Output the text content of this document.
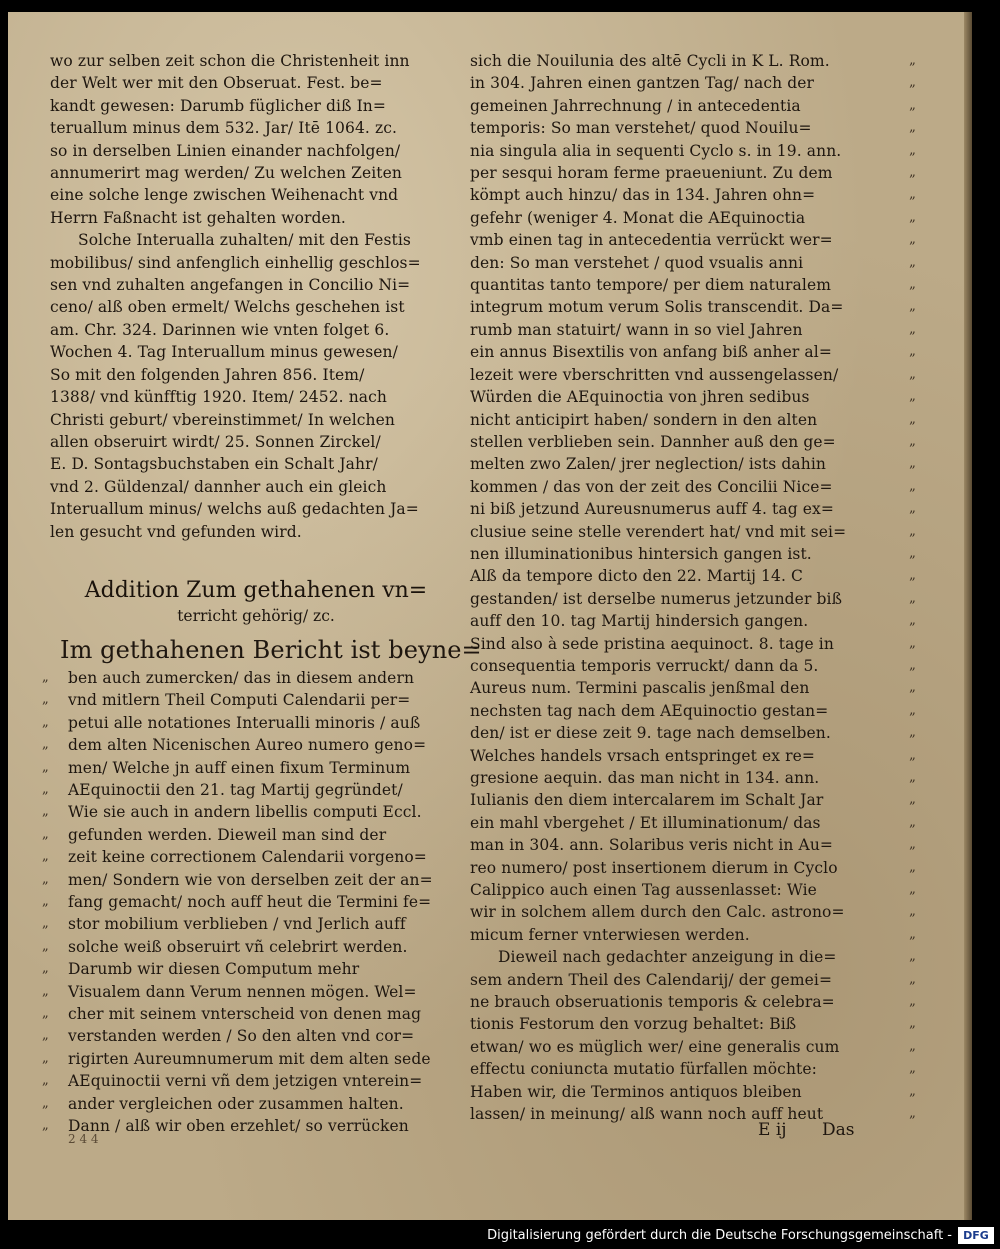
wo zur selben zeit schon die Christenheit inn
der Welt wer mit den Obseruat. Fest. be=
kandt gewesen: Darumb füglicher diß In=
teruallum minus dem 532. Jar/ Itē 1064. zc.
so in derselben Linien einander nachfolgen/
annumerirt mag werden/ Zu welchen Zeiten
eine solche lenge zwischen Weihenacht vnd
Herrn Faßnacht ist gehalten worden.
Solche Interualla zuhalten/ mit den Festis
mobilibus/ sind anfenglich einhellig geschlos=
sen vnd zuhalten angefangen in Concilio Ni=
ceno/ alß oben ermelt/ Welchs geschehen ist
am. Chr. 324. Darinnen wie vnten folget 6.
Wochen 4. Tag Interuallum minus gewesen/
So mit den folgenden Jahren 856. Item/
1388/ vnd künfftig 1920. Item/ 2452. nach
Christi geburt/ vbereinstimmet/ In welchen
allen obseruirt wirdt/ 25. Sonnen Zirckel/
E. D. Sontagsbuchstaben ein Schalt Jahr/
vnd 2. Güldenzal/ dannher auch ein gleich
Interuallum minus/ welchs auß gedachten Ja=
len gesucht vnd gefunden wird.
Addition Zum gethahenen vn=
terricht gehörig/ zc.
Im gethahenen Bericht ist beyne=
„ ben auch zumercken/ das in diesem andern
„ vnd mitlern Theil Computi Calendarii per=
„ petui alle notationes Interualli minoris / auß
„ dem alten Nicenischen Aureo numero geno=
„ men/ Welche jn auff einen fixum Terminum
„ AEquinoctii den 21. tag Martij gegründet/
„ Wie sie auch in andern libellis computi Eccl.
„ gefunden werden. Dieweil man sind der
„ zeit keine correctionem Calendarii vorgeno=
„ men/ Sondern wie von derselben zeit der an=
„ fang gemacht/ noch auff heut die Termini fe=
„ stor mobilium verblieben / vnd Jerlich auff
„ solche weiß obseruirt vñ celebrirt werden.
„ Darumb wir diesen Computum mehr
„ Visualem dann Verum nennen mögen. Wel=
„ cher mit seinem vnterscheid von denen mag
„ verstanden werden / So den alten vnd cor=
„ rigirten Aureumnumerum mit dem alten sede
„ AEquinoctii verni vñ dem jetzigen vnterein=
„ ander vergleichen oder zusammen halten.
„ Dann / alß wir oben erzehlet/ so verrücken
sich die Nouilunia des altē Cycli in K L. Rom.	„
in 304. Jahren einen gantzen Tag/ nach der	„
gemeinen Jahrrechnung / in antecedentia	„
temporis: So man verstehet/ quod Nouilu=	„
nia singula alia in sequenti Cyclo s. in 19. ann.	„
per sesqui horam ferme praeueniunt. Zu dem	„
kömpt auch hinzu/ das in 134. Jahren ohn=	„
gefehr (weniger 4. Monat die AEquinoctia	„
vmb einen tag in antecedentia verrückt wer=	„
den: So man verstehet / quod vsualis anni	„
quantitas tanto tempore/ per diem naturalem	„
integrum motum verum Solis transcendit. Da=	„
rumb man statuirt/ wann in so viel Jahren	„
ein annus Bisextilis von anfang biß anher al=	„
lezeit were vberschritten vnd aussengelassen/	„
Würden die AEquinoctia von jhren sedibus	„
nicht anticipirt haben/ sondern in den alten	„
stellen verblieben sein. Dannher auß den ge=	„
melten zwo Zalen/ jrer neglection/ ists dahin	„
kommen / das von der zeit des Concilii Nice=	„
ni biß jetzund Aureusnumerus auff 4. tag ex=	„
clusiue seine stelle verendert hat/ vnd mit sei=	„
nen illuminationibus hintersich gangen ist.	„
Alß da tempore dicto den 22. Martij 14. C	„
gestanden/ ist derselbe numerus jetzunder biß	„
auff den 10. tag Martij hindersich gangen.	„
Sind also à sede pristina aequinoct. 8. tage in	„
consequentia temporis verruckt/ dann da 5.	„
Aureus num. Termini pascalis jenßmal den	„
nechsten tag nach dem AEquinoctio gestan=	„
den/ ist er diese zeit 9. tage nach demselben.	„
Welches handels vrsach entspringet ex re=	„
gresione aequin. das man nicht in 134. ann.	„
Iulianis den diem intercalarem im Schalt Jar	„
ein mahl vbergehet / Et illuminationum/ das	„
man in 304. ann. Solaribus veris nicht in Au=	„
reo numero/ post insertionem dierum in Cyclo	„
Calippico auch einen Tag aussenlasset: Wie	„
wir in solchem allem durch den Calc. astrono=	„
micum ferner vnterwiesen werden.	„
Dieweil nach gedachter anzeigung in die=	„
sem andern Theil des Calendarij/ der gemei=	„
ne brauch obseruationis temporis & celebra=	„
tionis Festorum den vorzug behaltet: Biß	„
etwan/ wo es müglich wer/ eine generalis cum	„
effectu coniuncta mutatio fürfallen möchte:	„
Haben wir, die Terminos antiquos bleiben	„
lassen/ in meinung/ alß wann noch auff heut	„
2 4 4	E ij Das
Digitalisierung gefördert durch die Deutsche Forschungsgemeinschaft -	DFG
